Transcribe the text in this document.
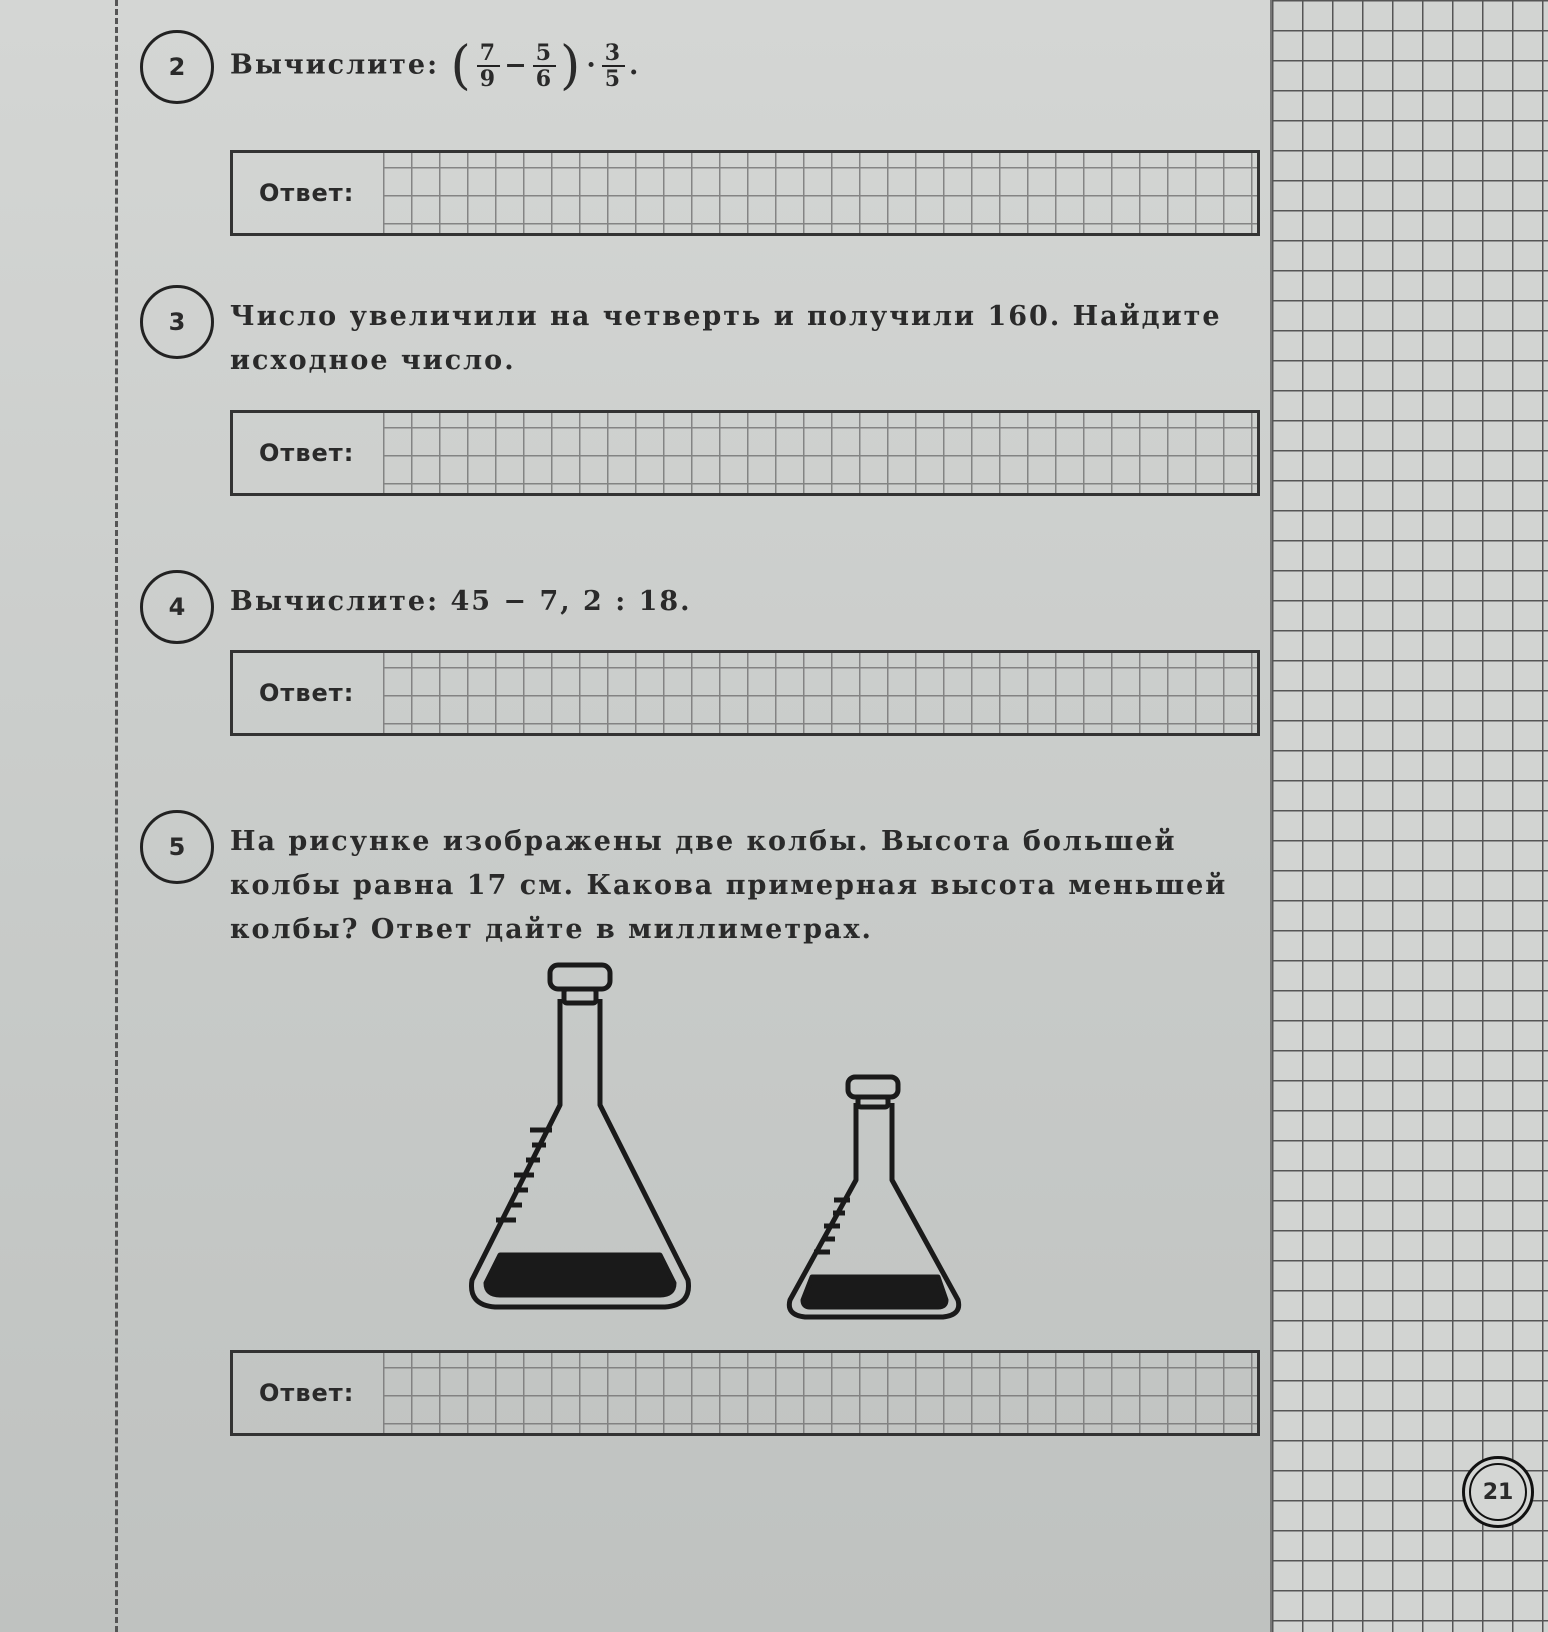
2 Вычислите: ( $\frac{7}{9} - \frac{5}{6}$ ) · $\frac{3}{5}$ .
Ответ:
3 Число увеличили на четверть и получили 160. Найдите исходное число.
Ответ:
4 Вычислите: 45 − 7, 2 : 18.
Ответ:
5 На рисунке изображены две колбы. Высота большей колбы равна 17 см. Какова примерная высота меньшей колбы? Ответ дайте в миллиметрах.
Ответ:
21
